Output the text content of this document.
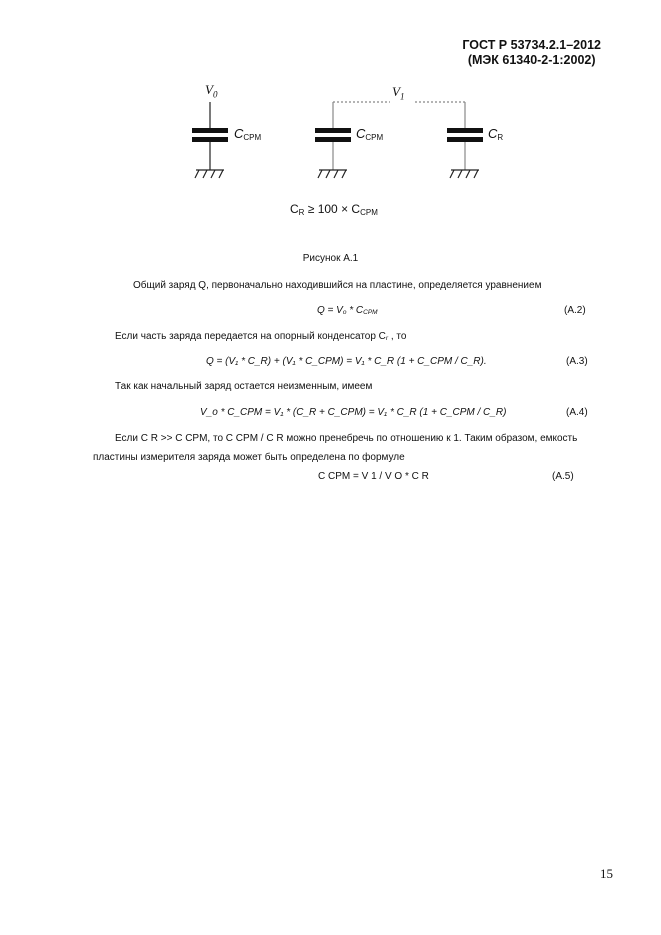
ГОСТ Р 53734.2.1–2012
(МЭК 61340-2-1:2002)
$V_0$	$V_1$
$C_{CPM}$	$C_{CPM}$	$C_R$
$C_R \ge 100 \times C_{CPM}$
Рисунок А.1
Общий заряд Q, первоначально находившийся на пластине, определяется уравнением
$Q = V_o * C_{CPM}$	(А.2)
Если часть заряда передается на опорный конденсатор $C_r$ , то
Q = (V₁ * C_R) + (V₁ * C_CPM) = V₁ * C_R (1 + C_CPM / C_R).	(А.3)
Так как начальный заряд остается неизменным, имеем
V_o * C_CPM = V₁ * (C_R + C_CPM) = V₁ * C_R (1 + C_CPM / C_R)	(А.4)
Если C R >> C CPM, то C CPM / C R можно пренебречь по отношению к 1. Таким образом, емкость
пластины измерителя заряда может быть определена по формуле
C CPM = V 1 / V O * C R	(А.5)
15
